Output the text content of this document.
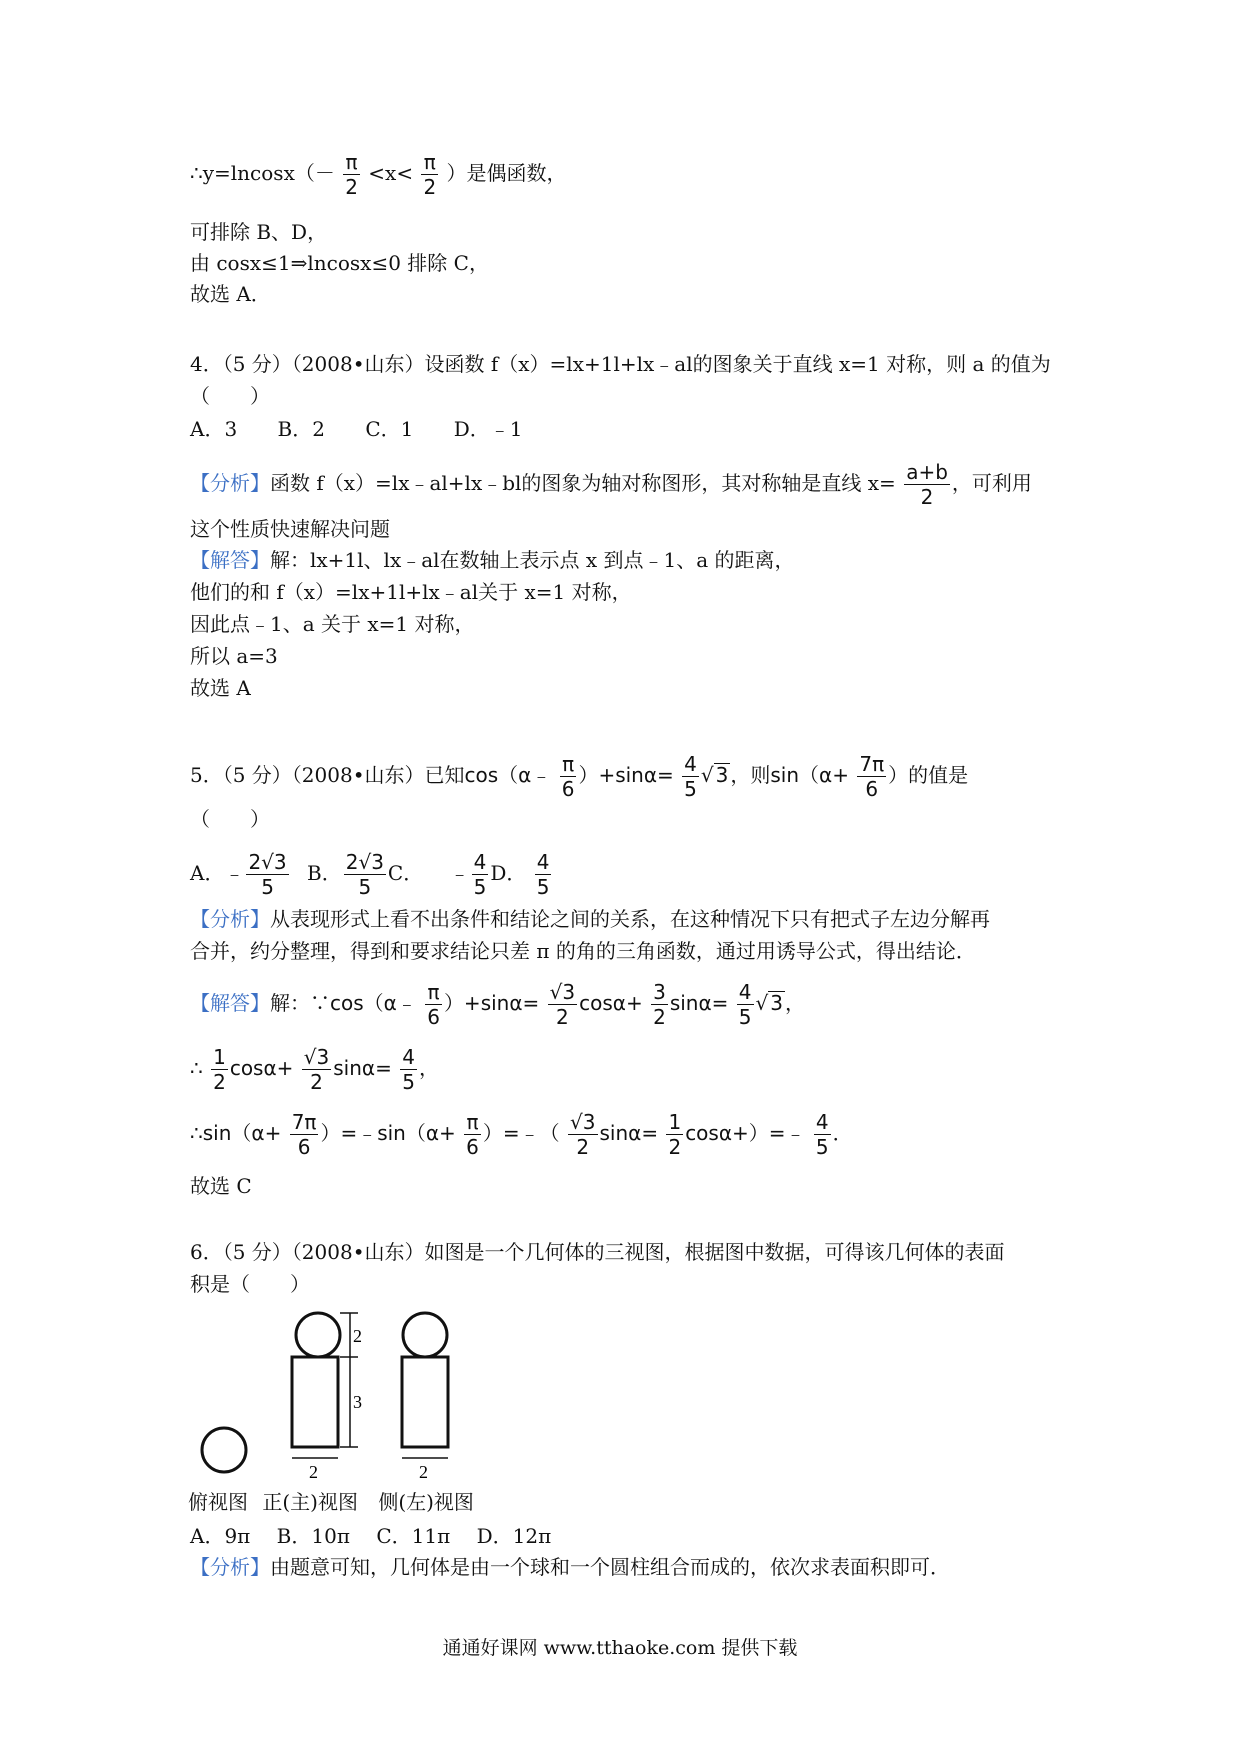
∴y=lncosx（－ $\frac{\pi}{2} <x< \frac{\pi}{2}$ ）是偶函数，
可排除 B、D，
由 cosx≤1⇒lncosx≤0 排除 C，
故选 A．
4．（5 分）（2008•山东）设函数 f（x）=lx+1l+lx﹣al的图象关于直线 x=1 对称，则 a 的值为
（　　）
A．3 B．2 C．1 D．﹣1
【分析】函数 f（x）=lx﹣al+lx﹣bl的图象为轴对称图形，其对称轴是直线 $x= \frac{a+b}{2}$ ，可利用
这个性质快速解决问题
【解答】解：lx+1l、lx﹣al在数轴上表示点 x 到点﹣1、a 的距离，
他们的和 f（x）=lx+1l+lx﹣al关于 x=1 对称，
因此点﹣1、a 关于 x=1 对称，
所以 a=3
故选 A
5．（5 分）（2008•山东）已知cos（α﹣ $\frac{\pi}{6} )+\sin\alpha= \frac{4}{5}$ √ 3 ，则$\sin(\alpha+ \frac{7\pi}{6}$ ）的值是
（　　）
A．﹣ $\frac{2√3}{5}$ B． $\frac{2√3}{5}$ C． ﹣ $\frac{4}{5}$ D． $\frac{4}{5}$
【分析】从表现形式上看不出条件和结论之间的关系，在这种情况下只有把式子左边分解再
合并，约分整理，得到和要求结论只差 π 的角的三角函数，通过用诱导公式，得出结论．
【解答】解：∵cos（α﹣ $\frac{\pi}{6} )+\sin\alpha= \frac{√3}{2} \cos\alpha+ \frac{3}{2} \sin\alpha= \frac{4}{5}$ √ 3 ，
∴ $\frac{1}{2} \cos\alpha+ \frac{√3}{2} \sin\alpha= \frac{4}{5}$ ，
∴sin（α+ $\frac{7\pi}{6}$ ）=﹣sin（α+ $\frac{\pi}{6}$ ）=﹣（ $\frac{√3}{2} \sin\alpha= \frac{1}{2}$ cosα+）=﹣ $\frac{4}{5}$ ．
故选 C
6．（5 分）（2008•山东）如图是一个几何体的三视图，根据图中数据，可得该几何体的表面
积是（　　）
2
3
2	2
俯视图 正(主)视图 侧(左)视图
A．9π B．10π C．11π D．12π
【分析】由题意可知，几何体是由一个球和一个圆柱组合而成的，依次求表面积即可．
通通好课网 www.tthaoke.com 提供下载
